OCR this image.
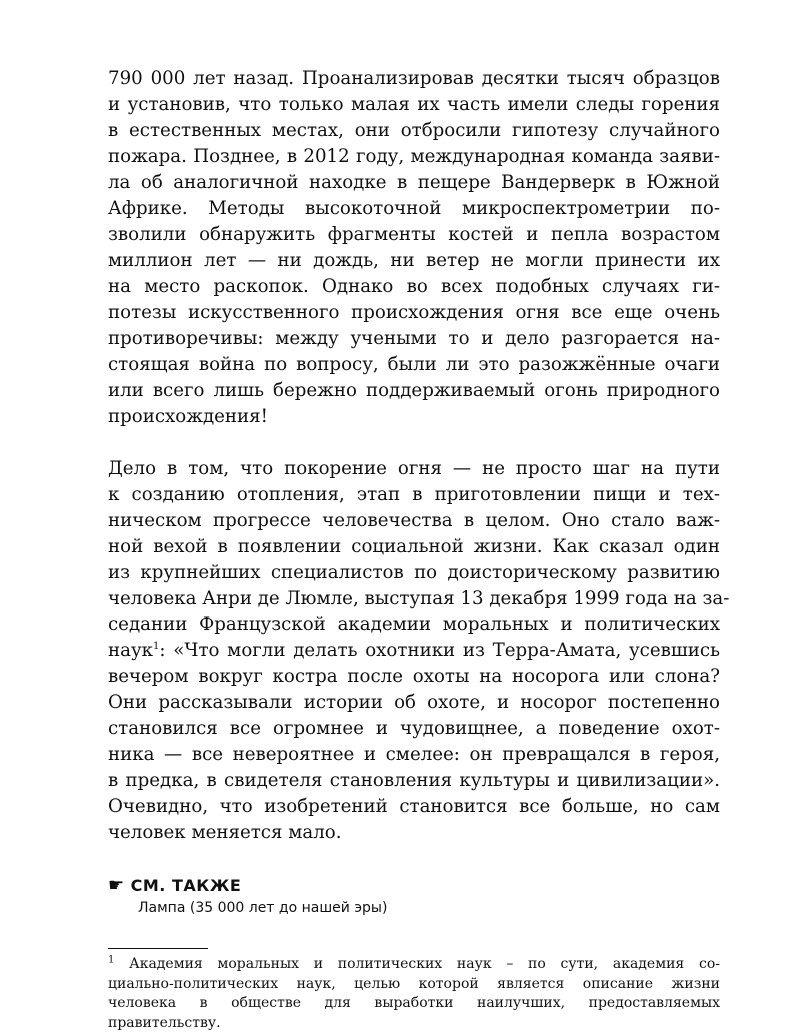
790 000 лет назад. Проанализировав десятки тысяч образцов
и установив, что только малая их часть имели следы горения
в естественных местах, они отбросили гипотезу случайного
пожара. Позднее, в 2012 году, международная команда заяви-
ла об аналогичной находке в пещере Вандерверк в Южной
Африке. Методы высокоточной микроспектрометрии по-
зволили обнаружить фрагменты костей и пепла возрастом
миллион лет — ни дождь, ни ветер не могли принести их
на место раскопок. Однако во всех подобных случаях ги-
потезы искусственного происхождения огня все еще очень
противоречивы: между учеными то и дело разгорается на-
стоящая война по вопросу, были ли это разожжённые очаги
или всего лишь бережно поддерживаемый огонь природного
происхождения!

Дело в том, что покорение огня — не просто шаг на пути
к созданию отопления, этап в приготовлении пищи и тех-
ническом прогрессе человечества в целом. Оно стало важ-
ной вехой в появлении социальной жизни. Как сказал один
из крупнейших специалистов по доисторическому развитию
человека Анри де Люмле, выступая 13 декабря 1999 года на за-
седании Французской академии моральных и политических
наук$^1$: «Что могли делать охотники из Терра-Амата, усевшись
вечером вокруг костра после охоты на носорога или слона?
Они рассказывали истории об охоте, и носорог постепенно
становился все огромнее и чудовищнее, а поведение охот-
ника — все невероятнее и смелее: он превращался в героя,
в предка, в свидетеля становления культуры и цивилизации».
Очевидно, что изобретений становится все больше, но сам
человек меняется мало.

☛ СМ. ТАКЖЕ
Лампа (35 000 лет до нашей эры)
$^1$ Академия моральных и политических наук – по сути, академия со-
циально-политических наук, целью которой является описание жизни
человека в обществе для выработки наилучших, предоставляемых
правительству.
